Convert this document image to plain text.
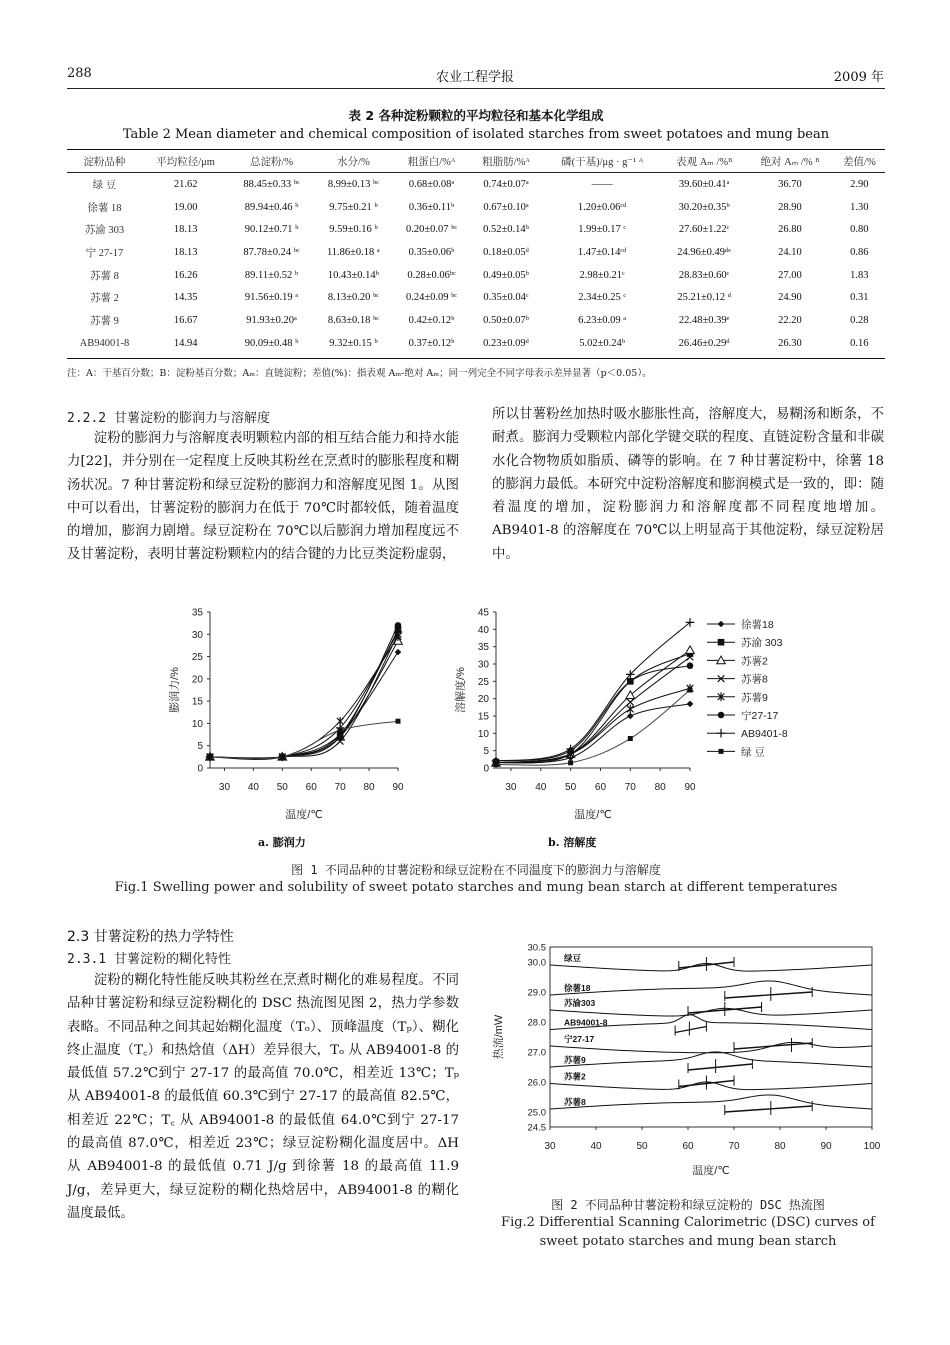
288	农业工程学报	2009 年
表 2 各种淀粉颗粒的平均粒径和基本化学组成
Table 2 Mean diameter and chemical composition of isolated starches from sweet potatoes and mung bean
淀粉品种	平均粒径/μm	总淀粉/%	水分/%	粗蛋白/%ᴬ	粗脂肪/%ᴬ	磷(干基)/μg · g⁻¹ ᴬ	表观 Aₘ /%ᴮ	绝对 Aₘ /% ᴮ	差值/%
绿 豆	21.62	88.45±0.33 ᵇᶜ	8.99±0.13 ᵇᶜ	0.68±0.08ᵃ	0.74±0.07ᵃ	——	39.60±0.41ᵃ	36.70	2.90
徐薯 18	19.00	89.94±0.46 ᵇ	9.75±0.21 ᵇ	0.36±0.11ᵇ	0.67±0.10ᵃ	1.20±0.06ᶜᵈ	30.20±0.35ᵇ	28.90	1.30
苏渝 303	18.13	90.12±0.71 ᵇ	9.59±0.16 ᵇ	0.20±0.07 ᵇᶜ	0.52±0.14ᵇ	1.99±0.17 ᶜ	27.60±1.22ᶜ	26.80	0.80
宁 27-17	18.13	87.78±0.24 ᵇᶜ	11.86±0.18 ᵃ	0.35±0.06ᵇ	0.18±0.05ᵈ	1.47±0.14ᶜᵈ	24.96±0.49ᵈᵉ	24.10	0.86
苏薯 8	16.26	89.11±0.52 ᵇ	10.43±0.14ᵇ	0.28±0.06ᵇᶜ	0.49±0.05ᵇ	2.98±0.21ᶜ	28.83±0.60ᶜ	27.00	1.83
苏薯 2	14.35	91.56±0.19 ᵃ	8.13±0.20 ᵇᶜ	0.24±0.09 ᵇᶜ	0.35±0.04ᶜ	2.34±0.25 ᶜ	25.21±0.12 ᵈ	24.90	0.31
苏薯 9	16.67	91.93±0.20ᵃ	8.63±0.18 ᵇᶜ	0.42±0.12ᵇ	0.50±0.07ᵇ	6.23±0.09 ᵃ	22.48±0.39ᵉ	22.20	0.28
AB94001-8	14.94	90.09±0.48 ᵇ	9.32±0.15 ᵇ	0.37±0.12ᵇ	0.23±0.09ᵈ	5.02±0.24ᵇ	26.46±0.29ᵈ	26.30	0.16
注：A：干基百分数；B：淀粉基百分数；Aₘ：直链淀粉；差值(%)：指表观 Aₘ-绝对 Aₘ；同一列完全不同字母表示差异显著（p＜0.05）。
2.2.2 甘薯淀粉的膨润力与溶解度

淀粉的膨润力与溶解度表明颗粒内部的相互结合能力和持水能力[22]，并分别在一定程度上反映其粉丝在烹煮时的膨胀程度和糊汤状况。7 种甘薯淀粉和绿豆淀粉的膨润力和溶解度见图 1。从图中可以看出，甘薯淀粉的膨润力在低于 70℃时都较低，随着温度的增加，膨润力剧增。绿豆淀粉在 70℃以后膨润力增加程度远不及甘薯淀粉，表明甘薯淀粉颗粒内的结合键的力比豆类淀粉虚弱，

所以甘薯粉丝加热时吸水膨胀性高，溶解度大，易糊汤和断条，不耐煮。膨润力受颗粒内部化学键交联的程度、直链淀粉含量和非碳水化合物物质如脂质、磷等的影响。在 7 种甘薯淀粉中，徐薯 18 的膨润力最低。本研究中淀粉溶解度和膨润模式是一致的，即：随着温度的增加，淀粉膨润力和溶解度都不同程度地增加。AB9401-8 的溶解度在 70℃以上明显高于其他淀粉，绿豆淀粉居中。

0
5
10
15
20
25
30
35
30 40 50 60 70 80 90
温度/℃
膨润力/%
0
5
10
15
20
25
30
35
40
45
30 40 50 60 70 80 90
温度/℃
溶解度/%
徐薯18
苏渝 303
苏薯2
苏薯8
苏薯9
宁27-17
AB9401-8
绿 豆
a. 膨润力	b. 溶解度
图 1 不同品种的甘薯淀粉和绿豆淀粉在不同温度下的膨润力与溶解度
Fig.1 Swelling power and solubility of sweet potato starches and mung bean starch at different temperatures
2.3 甘薯淀粉的热力学特性
2.3.1 甘薯淀粉的糊化特性

淀粉的糊化特性能反映其粉丝在烹煮时糊化的难易程度。不同品种甘薯淀粉和绿豆淀粉糊化的 DSC 热流图见图 2，热力学参数表略。不同品种之间其起始糊化温度（Tₒ）、顶峰温度（Tₚ）、糊化终止温度（T꜀）和热焓值（ΔH）差异很大，Tₒ 从 AB94001-8 的最低值 57.2℃到宁 27-17 的最高值 70.0℃，相差近 13℃；Tₚ 从 AB94001-8 的最低值 60.3℃到宁 27-17 的最高值 82.5℃，相差近 22℃；T꜀ 从 AB94001-8 的最低值 64.0℃到宁 27-17 的最高值 87.0℃，相差近 23℃；绿豆淀粉糊化温度居中。ΔH 从 AB94001-8 的最低值 0.71 J/g 到徐薯 18 的最高值 11.9 J/g，差异更大，绿豆淀粉的糊化热焓居中，AB94001-8 的糊化温度最低。

24.5
25.0
26.0
27.0
28.0
29.0
30.0
30.5
30	40	50	60	70	80	90	100
温度/℃
热流/mW
绿豆
徐薯18
苏渝303
AB94001-8
宁27-17
苏薯9
苏薯2
苏薯8
图 2 不同品种甘薯淀粉和绿豆淀粉的 DSC 热流图
Fig.2 Differential Scanning Calorimetric (DSC) curves of
sweet potato starches and mung bean starch
